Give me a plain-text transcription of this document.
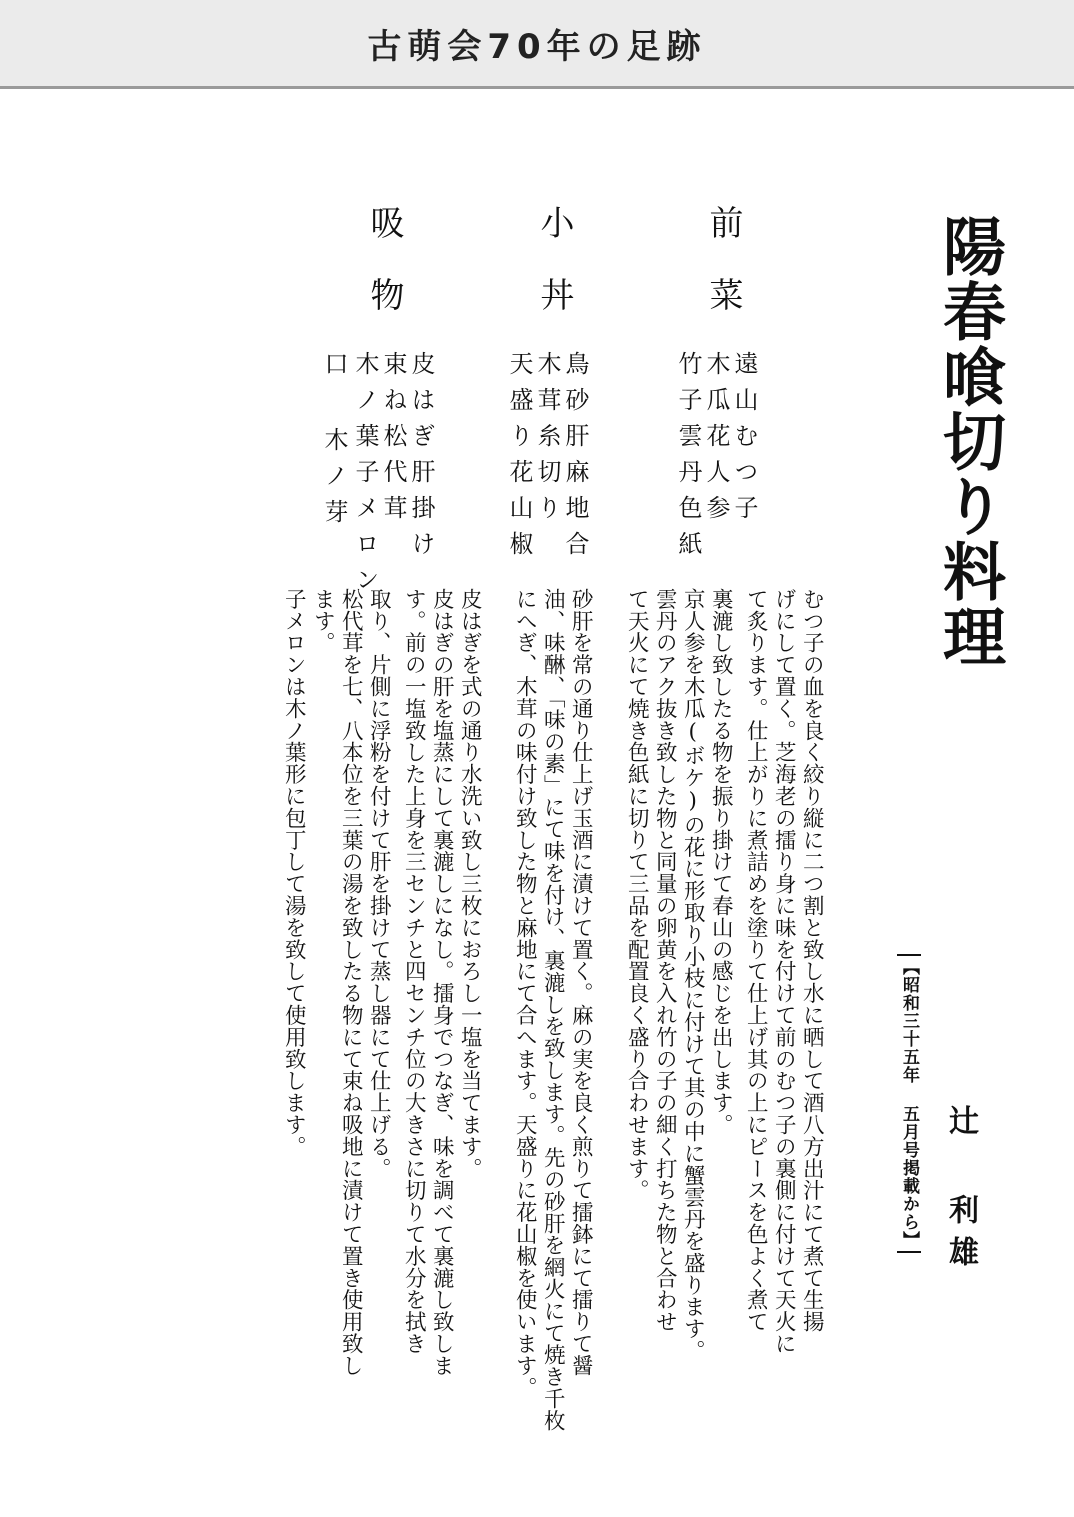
古萌会70年の足跡
陽春喰切り料理
辻 利雄
【昭和三十五年 五月号掲載から】
前菜
遠山むつ子
木瓜花人参
竹子雲丹色紙
小丼
鳥砂肝麻地合
木茸糸切り
天盛り花山椒
吸物
皮はぎ肝掛け
束ね松代茸
木ノ葉子メロン
口 木ノ芽
むつ子の血を良く絞り縦に二つ割と致し水に晒して酒八方出汁にて煮て生揚
げにして置く。芝海老の擂り身に味を付けて前のむつ子の裏側に付けて天火に
て炙ります。仕上がりに煮詰めを塗りて仕上げ其の上にピースを色よく煮て
裏漉し致したる物を振り掛けて春山の感じを出します。
京人参を木瓜(ボケ)の花に形取り小枝に付けて其の中に蟹雲丹を盛ります。
雲丹のアク抜き致した物と同量の卵黄を入れ竹の子の細く打ちた物と合わせ
て天火にて焼き色紙に切りて三品を配置良く盛り合わせます。
砂肝を常の通り仕上げ玉酒に漬けて置く。麻の実を良く煎りて擂鉢にて擂りて醤
油、味醂、「味の素」にて味を付け、裏漉しを致します。先の砂肝を網火にて焼き千枚
にへぎ、木茸の味付け致した物と麻地にて合へます。天盛りに花山椒を使います。
皮はぎを式の通り水洗い致し三枚におろし一塩を当てます。
皮はぎの肝を塩蒸にして裏漉しになし。擂身でつなぎ、味を調べて裏漉し致しま
す。前の一塩致した上身を三センチと四センチ位の大きさに切りて水分を拭き
取り、片側に浮粉を付けて肝を掛けて蒸し器にて仕上げる。
松代茸を七、八本位を三葉の湯を致したる物にて束ね吸地に漬けて置き使用致し
ます。
子メロンは木ノ葉形に包丁して湯を致して使用致します。
